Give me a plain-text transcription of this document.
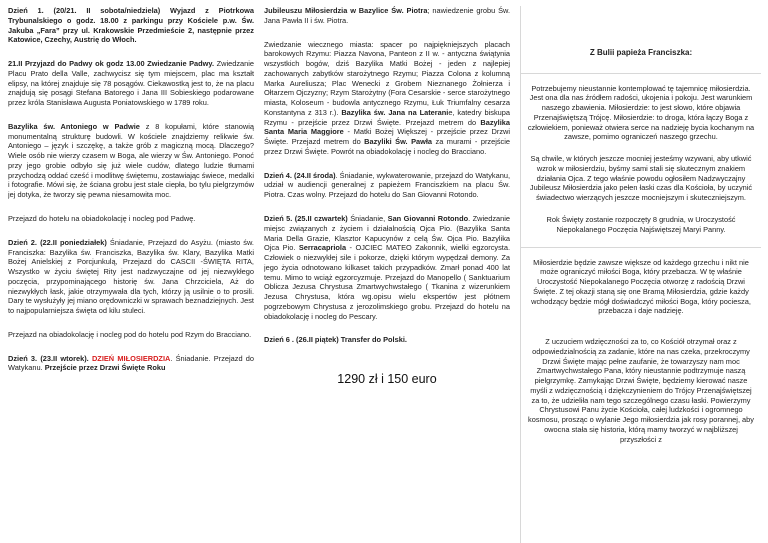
Dzień 1. (20/21. II sobota/niedziela) Wyjazd z Piotrkowa Trybunalskiego o godz. 18.00 z parkingu przy Kościele p.w. Św. Jakuba „Fara” przy ul. Krakowskie Przedmieście 2, następnie przez Katowice, Czechy, Austrię do Włoch.

21.II Przyjazd do Padwy ok godz 13.00 Zwiedzanie Padwy. Zwiedzanie Placu Prato della Valle, zachwycisz się tym miejscem, plac ma kształt elipsy, na której znajduje się 78 posągów. Ciekawostką jest to, że na placu znajdują się posągi Stefana Batorego i Jana III Sobieskiego podarowane przez króla Stanisława Augusta Poniatowskiego w 1789 roku.

Bazylika św. Antoniego w Padwie z 8 kopułami, które stanowią monumentalną strukturę budowli. W kościele znajdziemy relikwie św. Antoniego – język i szczękę, a także grób z magiczną mocą. Dlaczego? Wiele osób nie wierzy czasem w Boga, ale wierzy w Św. Antoniego. Ponoć przy jego grobie odbyło się już wiele cudów, dlatego ludzie tłumami przychodzą oddać cześć i modlitwę świętemu, zostawiając świece, medalki i fotografie. Mówi się, że ściana grobu jest stale ciepła, bo tylu pielgrzymów jej dotyka, że tworzy się pewna niesamowita moc.

Przejazd do hotelu na obiadokolację i nocleg pod Padwę.

Dzień 2. (22.II poniedziałek) Śniadanie, Przejazd do Asyżu. (miasto św. Franciszka: Bazylika św. Franciszka, Bazylika św. Klary, Bazylika Matki Bożej Anielskiej z Porcjunkulą, Przejazd do CASCII -ŚWIĘTA RITA, Wszystko w życiu świętej Rity jest nadzwyczajne od jej niezwykłego poczęcia, przypominającego historię św. Jana Chrzciciela, Aż do niezwykłych łask, jakie otrzymywała dla tych, którzy ją usilnie o to prosili. Dary te wysłużyły jej miano orędowniczki w sprawach beznadziejnych. Jest to najpopularniejsza święta od kilu stuleci.

Przejazd na obiadokolację i nocleg pod do hotelu pod Rzym do Bracciano.

Dzień 3. (23.II wtorek). DZIEŃ MIŁOSIERDZIA. Śniadanie. Przejazd do Watykanu. Przejście przez Drzwi Święte Roku

Jubileuszu Miłosierdzia w Bazylice Św. Piotra; nawiedzenie grobu Św. Jana Pawła II i św. Piotra.

Zwiedzanie wiecznego miasta: spacer po najpiękniejszych placach barokowych Rzymu: Piazza Navona, Panteon z II w. - antyczna świątynia wszystkich bogów, dziś Bazylika Matki Bożej - jeden z najlepiej zachowanych zabytków starożytnego Rzymu; Piazza Colona z kolumną Marka Aureliusza; Plac Wenecki z Grobem Nieznanego Żołnierza i Ołtarzem Ojczyzny; Rzym Starożytny (Fora Cesarskie - serce starożytnego miasta, Koloseum - budowla antycznego Rzymu, Łuk Triumfalny cesarza Konstantyna z 313 r.). Bazylika św. Jana na Lateranie, katedry biskupa Rzymu - przejście przez Drzwi Święte. Przejazd metrem do Bazylika Santa Maria Maggiore - Matki Bożej Większej - przejście przez Drzwi Święte. Przejazd metrem do Bazyliki Św. Pawła za murami - przejście przez Drzwi Święte. Powrót na obiadokolację i nocleg do Bracciano.

Dzień 4. (24.II środa). Śniadanie, wykwaterowanie, przejazd do Watykanu, udział w audiencji generalnej z papieżem Franciszkiem na placu Św. Piotra. Czas wolny. Przejazd do hotelu do San Giovanni Rotondo.

Dzień 5. (25.II czwartek) Śniadanie, San Giovanni Rotondo. Zwiedzanie miejsc związanych z życiem i działalnością Ojca Pio. (Bazylika Santa Maria Della Grazie, Klasztor Kapucynów z celą Św. Ojca Pio. Bazylika Ojca Pio. Serracapriola - OJCIEC MATEO Zakonnik, wielki egzorcysta. Człowiek o niezwykłej sile i pokorze, dzięki którym wypędzał demony. Za jego życia odnotowano kilkaset takich przypadków. Zmarł ponad 400 lat temu. Mimo to wciąż egzorcyzmuje. Przejazd do Manopello ( Sanktuarium Oblicza Jezusa Chrystusa Zmartwychwstałego ( Tkanina z wizerunkiem Jezusa Chrystusa, która wg.opisu wielu ekspertów jest płótnem pogrzebowym Chrystusa z jerozolimskiego grobu. Przejazd do hotelu na obiadokolację i nocleg do Pescary.

Dzień 6 . (26.II piątek) Transfer do Polski.

1290 zł i 150 euro

Z Bulii papieża Franciszka:

Potrzebujemy nieustannie kontemplować tę tajemnicę miłosierdzia. Jest ona dla nas źródłem radości, ukojenia i pokoju. Jest warunkiem naszego zbawienia. Miłosierdzie: to jest słowo, które objawia Przenajświętszą Trójcę. Miłosierdzie: to droga, która łączy Boga z człowiekiem, ponieważ otwiera serce na nadzieję bycia kochanym na zawsze, pomimo ograniczeń naszego grzechu.

Są chwile, w których jeszcze mocniej jesteśmy wzywani, aby utkwić wzrok w miłosierdziu, byśmy sami stali się skutecznym znakiem działania Ojca. Z tego właśnie powodu ogłosiłem Nadzwyczajny Jubileusz Miłosierdzia jako pełen łaski czas dla Kościoła, by uczynić świadectwo wierzących jeszcze mocniejszym i skuteczniejszym.

Rok Święty zostanie rozpoczęty 8 grudnia, w Uroczystość Niepokalanego Poczęcia Najświętszej Maryi Panny.

Miłosierdzie będzie zawsze większe od każdego grzechu i nikt nie może ograniczyć miłości Boga, który przebacza. W tę właśnie Uroczystość Niepokalanego Poczęcia otworzę z radością Drzwi Święte. Z tej okazji staną się one Bramą Miłosierdzia, gdzie każdy wchodzący będzie mógł doświadczyć miłości Boga, który pociesza, przebacza i daje nadzieję.

Z uczuciem wdzięczności za to, co Kościół otrzymał oraz z odpowiedzialnością za zadanie, które na nas czeka, przekroczymy Drzwi Święte mając pełne zaufanie, że towarzyszy nam moc Zmartwychwstałego Pana, który nieustannie podtrzymuje naszą pielgrzymkę. Zamykając Drzwi Święte, będziemy kierować nasze myśli z wdzięcznością i dziękczynieniem do Trójcy Przenajświętszej za to, że udzieliła nam tego szczególnego czasu łaski. Powierzymy Chrystusowi Panu życie Kościoła, całej ludzkości i ogromnego kosmosu, prosząc o wylanie Jego miłosierdzia jak rosy porannej, aby owocna stała się historia, którą mamy tworzyć w najbliższej przyszłości z
